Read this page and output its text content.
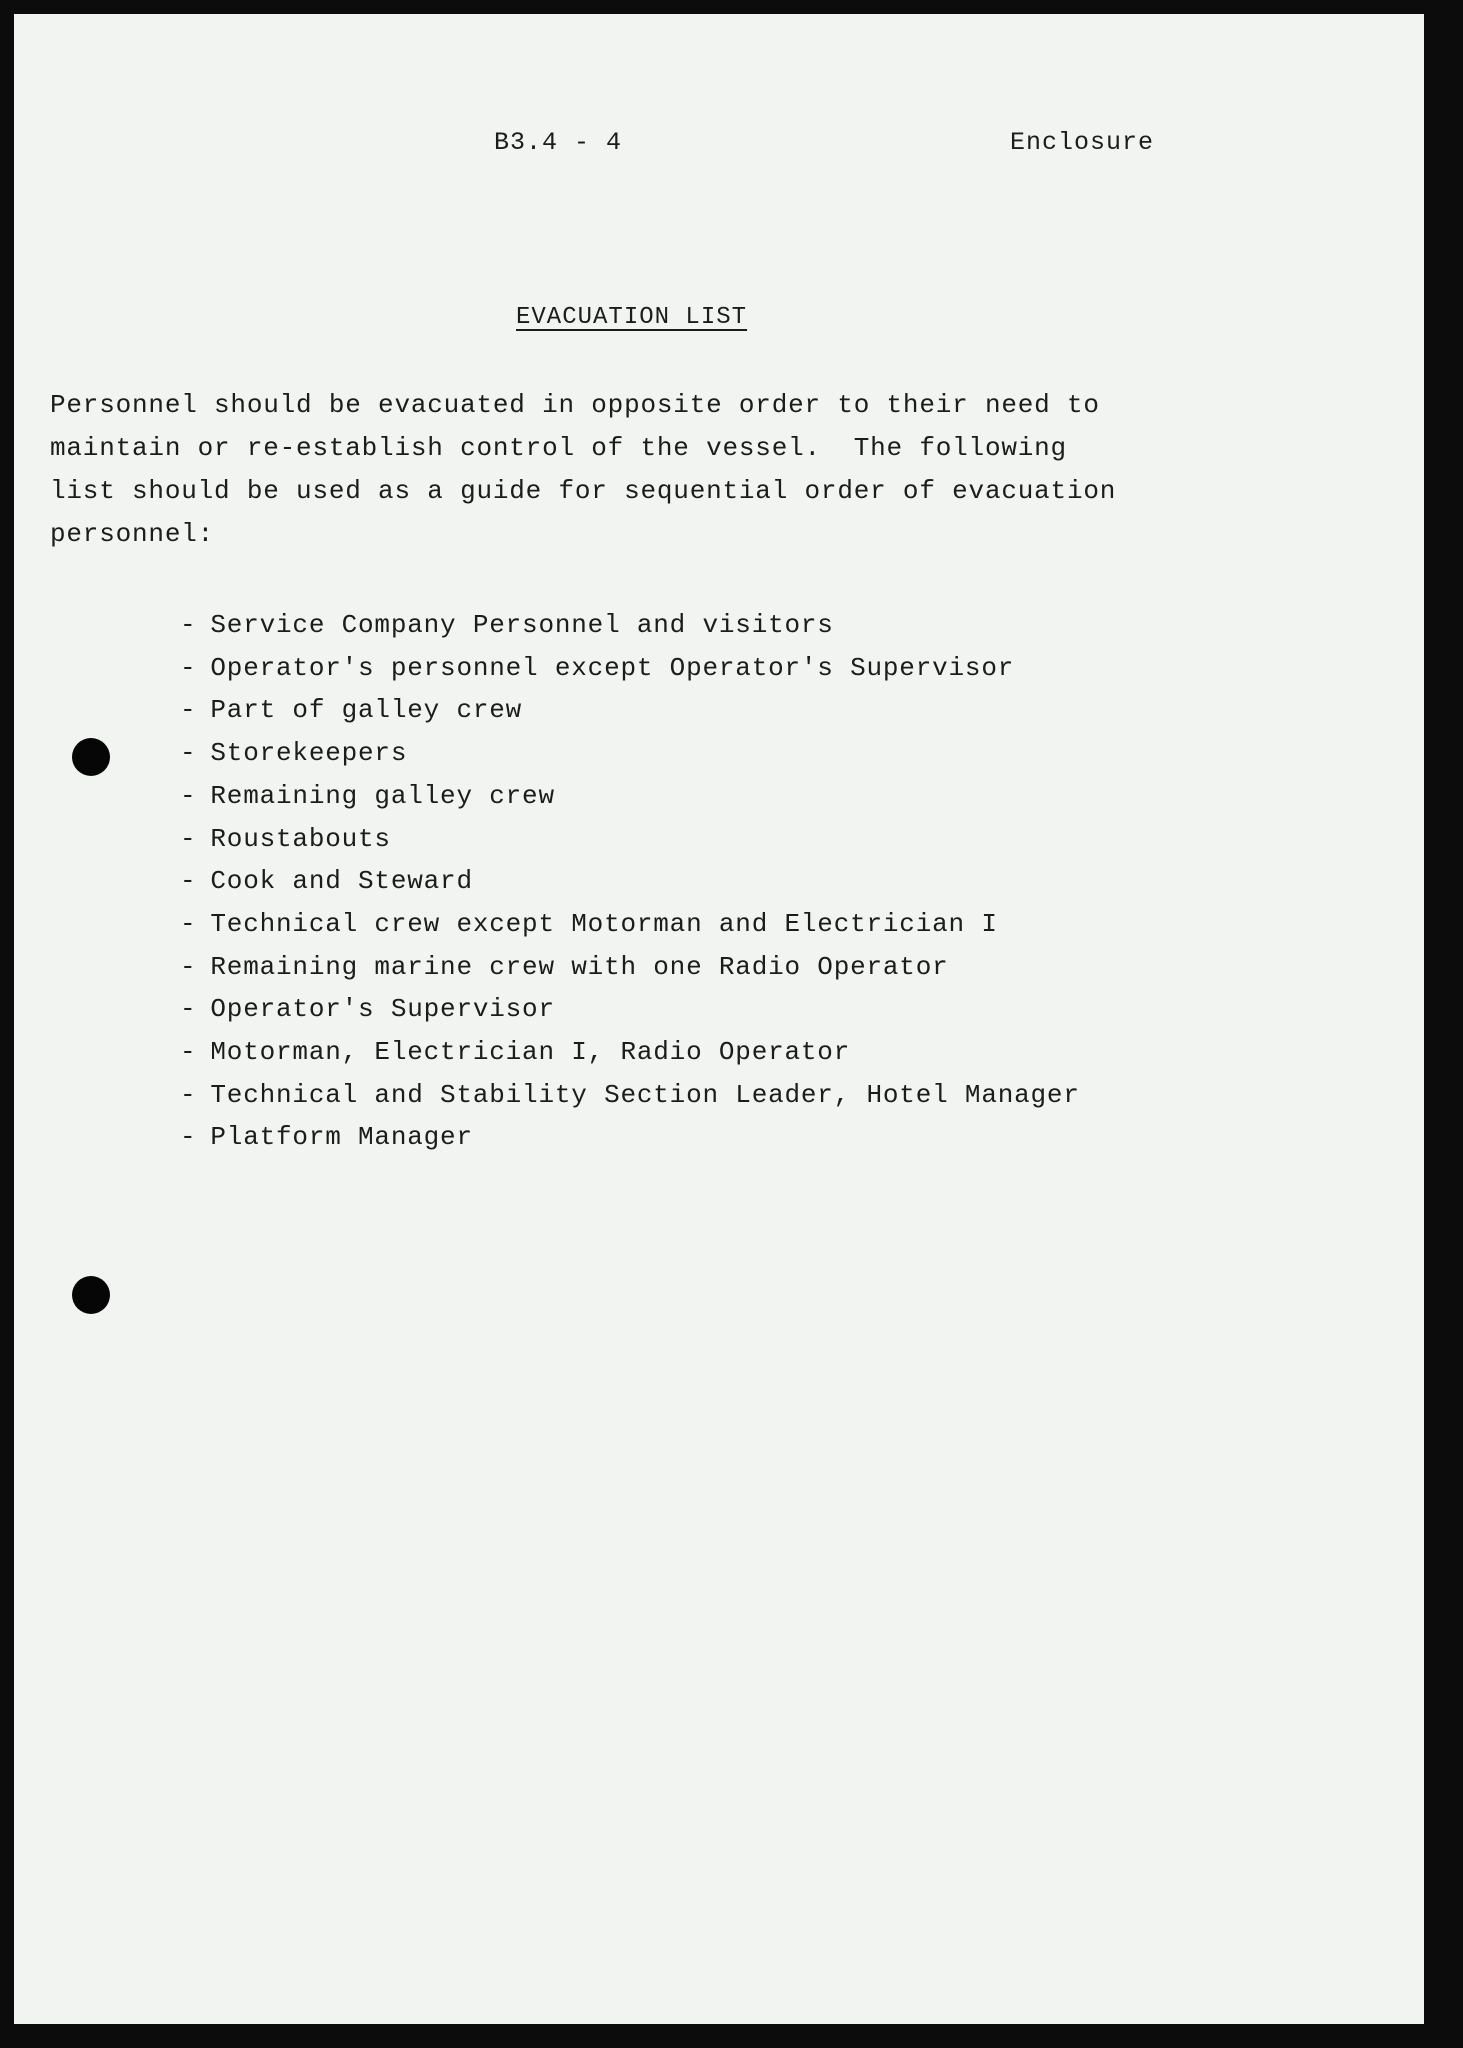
B3.4 - 4	Enclosure
EVACUATION LIST
Personnel should be evacuated in opposite order to their need to
maintain or re-establish control of the vessel.  The following
list should be used as a guide for sequential order of evacuation
personnel:
- Service Company Personnel and visitors
- Operator's personnel except Operator's Supervisor
- Part of galley crew
- Storekeepers
- Remaining galley crew
- Roustabouts
- Cook and Steward
- Technical crew except Motorman and Electrician I
- Remaining marine crew with one Radio Operator
- Operator's Supervisor
- Motorman, Electrician I, Radio Operator
- Technical and Stability Section Leader, Hotel Manager
- Platform Manager
